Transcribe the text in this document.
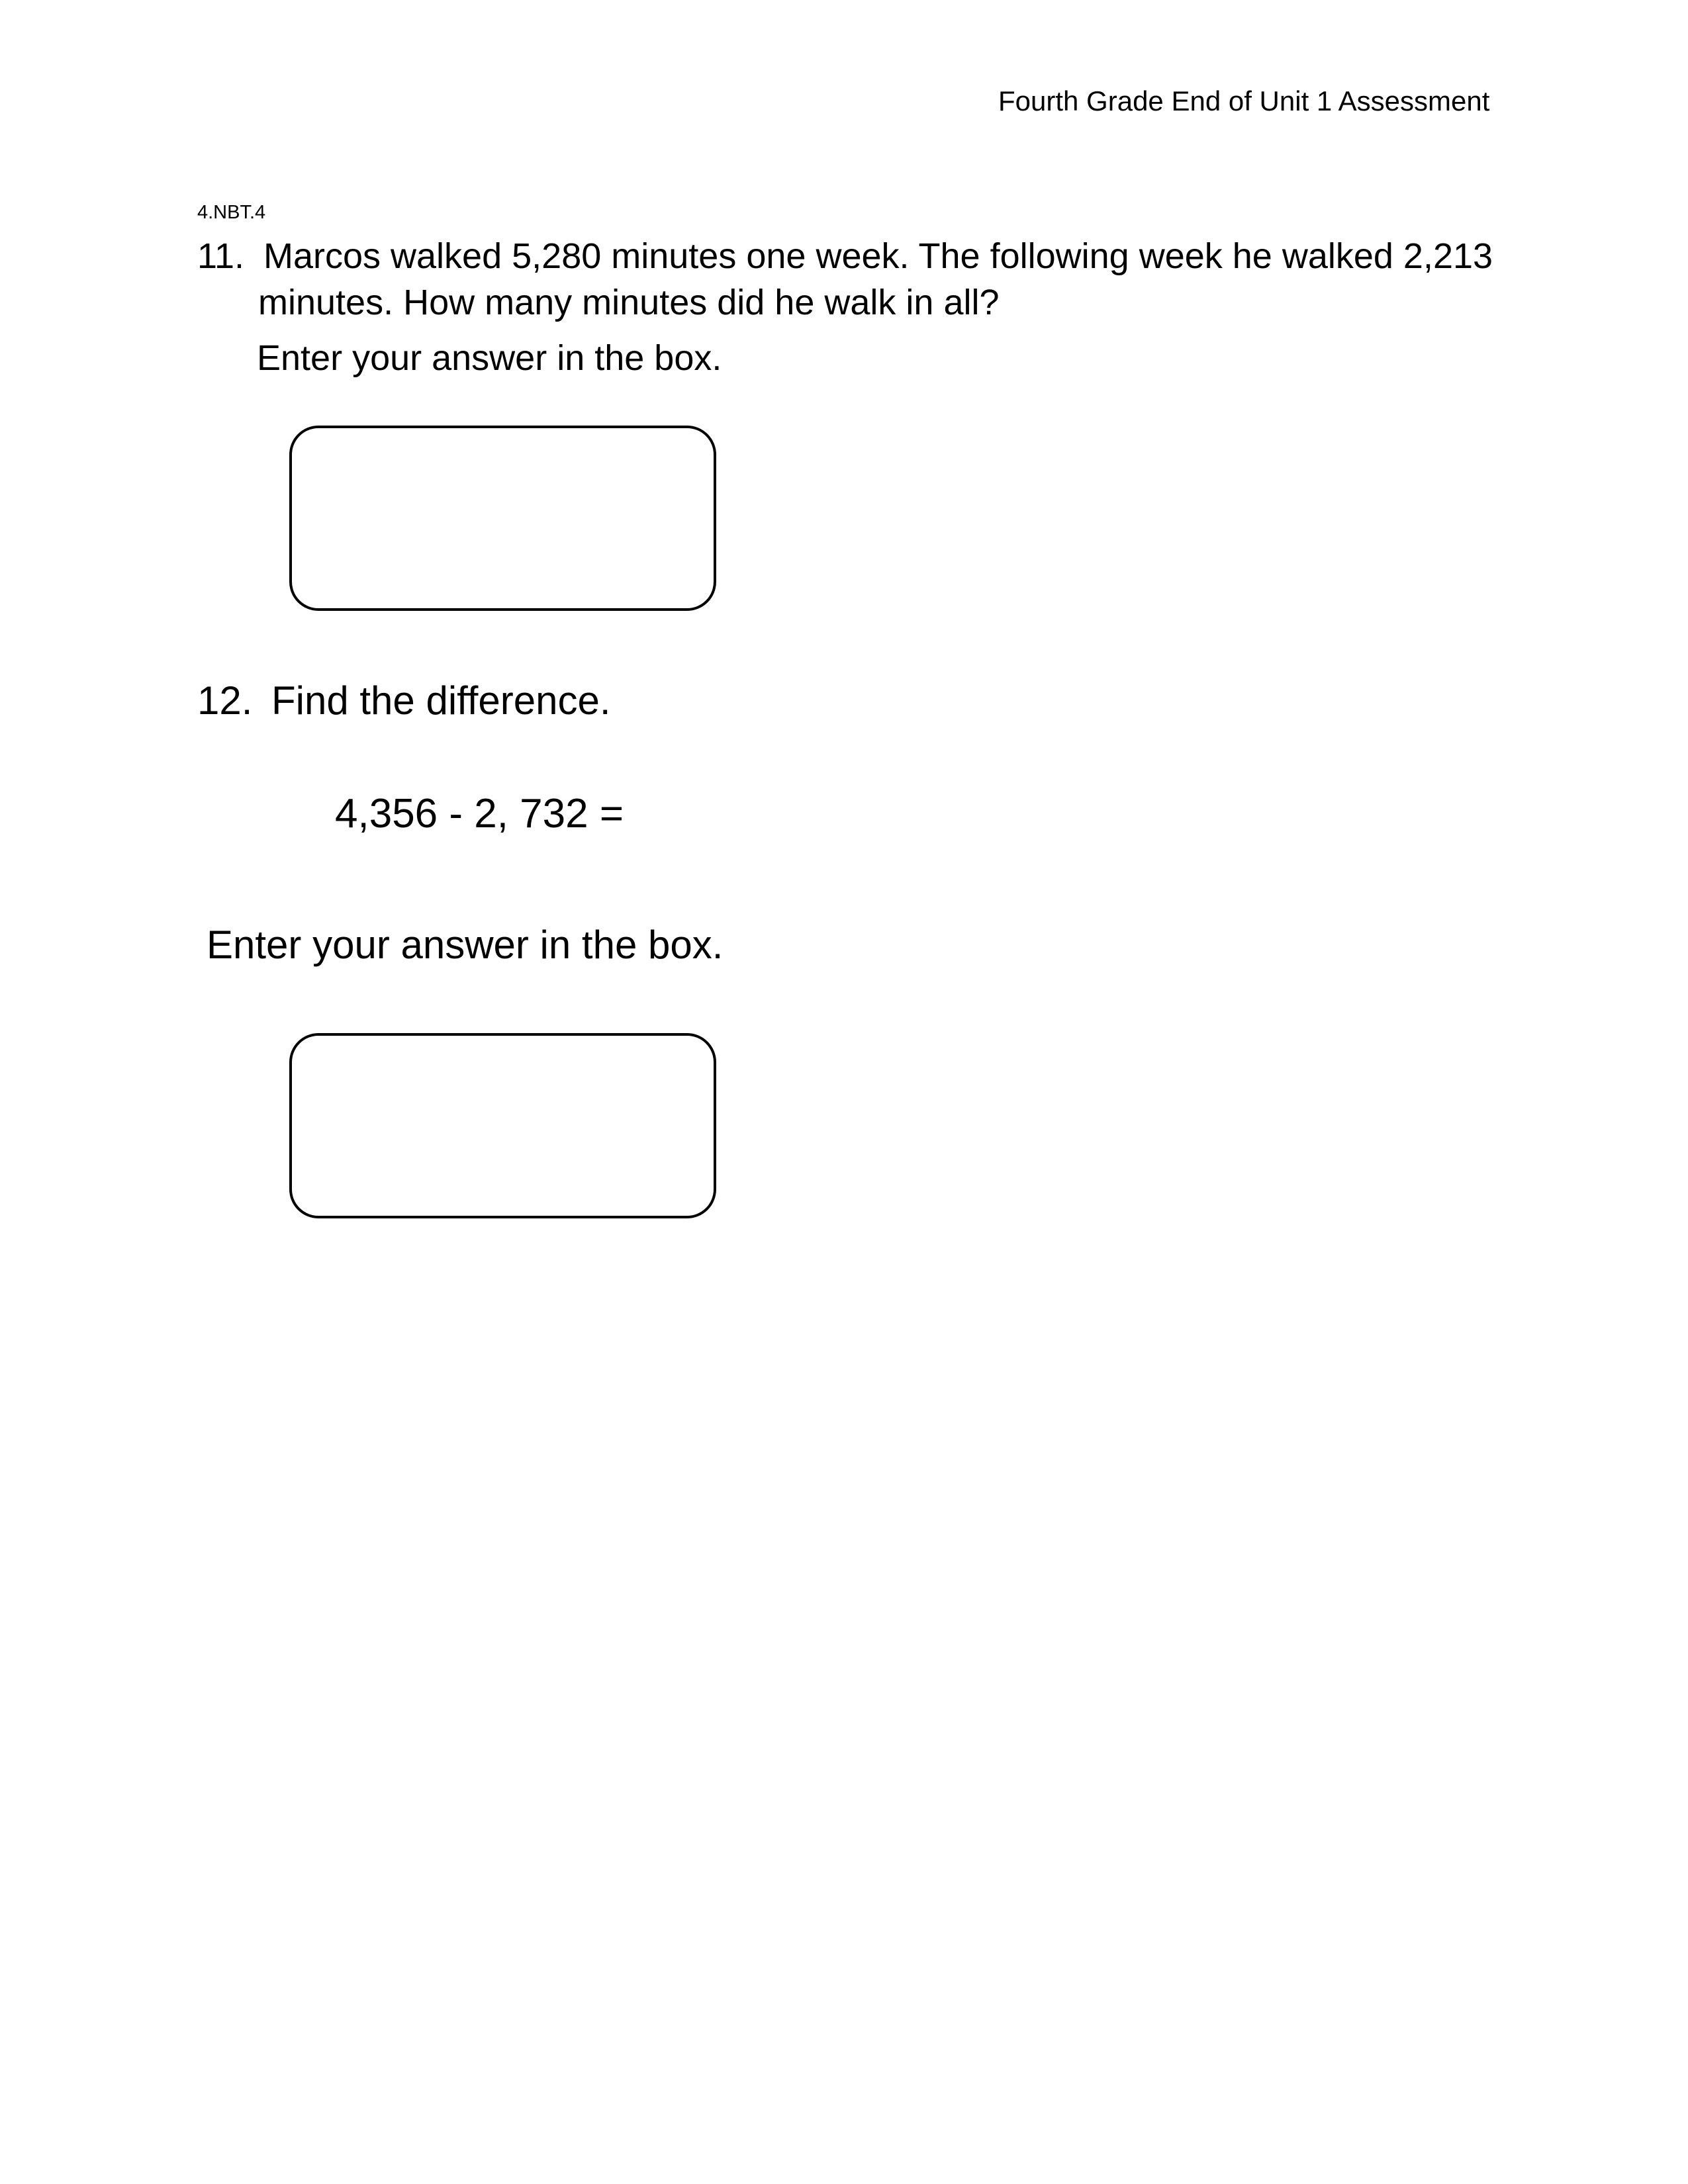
Fourth Grade End of Unit 1 Assessment
4.NBT.4
11. Marcos walked 5,280 minutes one week. The following week he walked 2,213
minutes. How many minutes did he walk in all?
Enter your answer in the box.
12. Find the difference.
4,356 - 2, 732 =
Enter your answer in the box.
